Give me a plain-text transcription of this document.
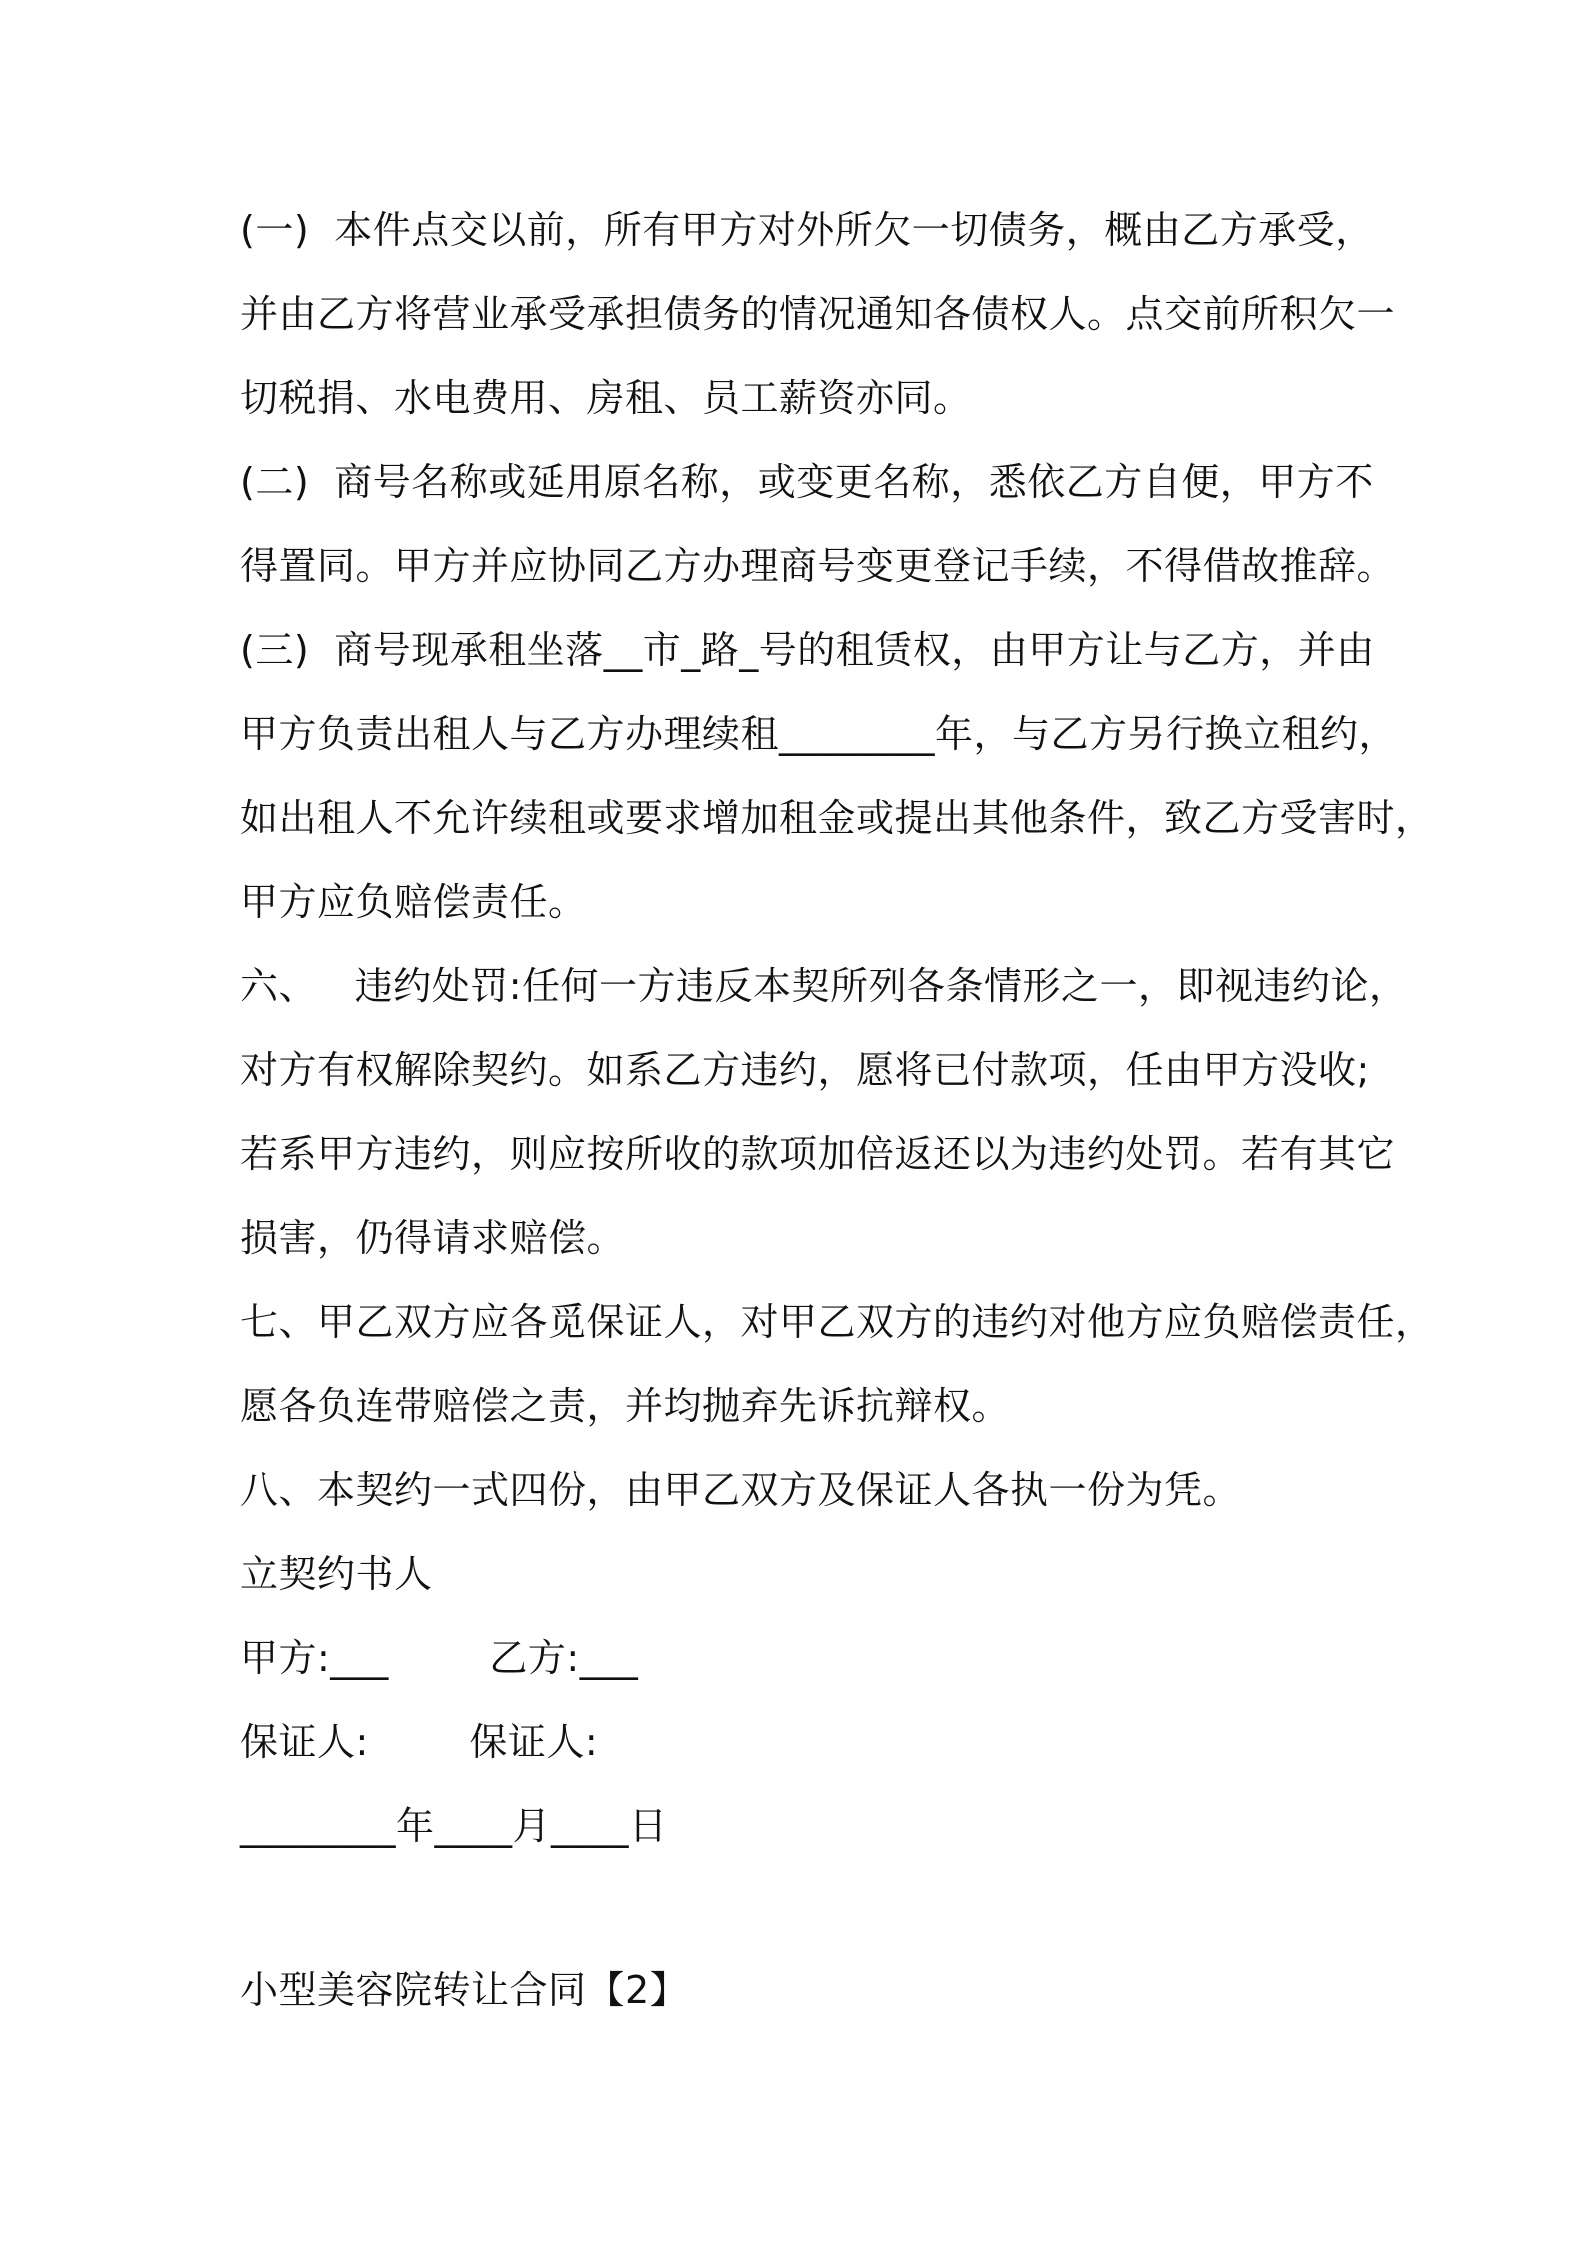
(一)  本件点交以前，所有甲方对外所欠一切债务，概由乙方承受，
并由乙方将营业承受承担债务的情况通知各债权人。点交前所积欠一
切税捐、水电费用、房租、员工薪资亦同。
(二)  商号名称或延用原名称，或变更名称，悉依乙方自便，甲方不
得置同。甲方并应协同乙方办理商号变更登记手续，不得借故推辞。
(三)  商号现承租坐落__市_路_号的租赁权，由甲方让与乙方，并由
甲方负责出租人与乙方办理续租________年，与乙方另行换立租约，
如出租人不允许续租或要求增加租金或提出其他条件，致乙方受害时，
甲方应负赔偿责任。
六、   违约处罚:任何一方违反本契所列各条情形之一，即视违约论，
对方有权解除契约。如系乙方违约，愿将已付款项，任由甲方没收;
若系甲方违约，则应按所收的款项加倍返还以为违约处罚。若有其它
损害，仍得请求赔偿。
七、甲乙双方应各觅保证人，对甲乙双方的违约对他方应负赔偿责任，
愿各负连带赔偿之责，并均抛弃先诉抗辩权。
八、本契约一式四份，由甲乙双方及保证人各执一份为凭。
立契约书人
甲方:___        乙方:___
保证人:        保证人:
________年____月____日
小型美容院转让合同【2】
